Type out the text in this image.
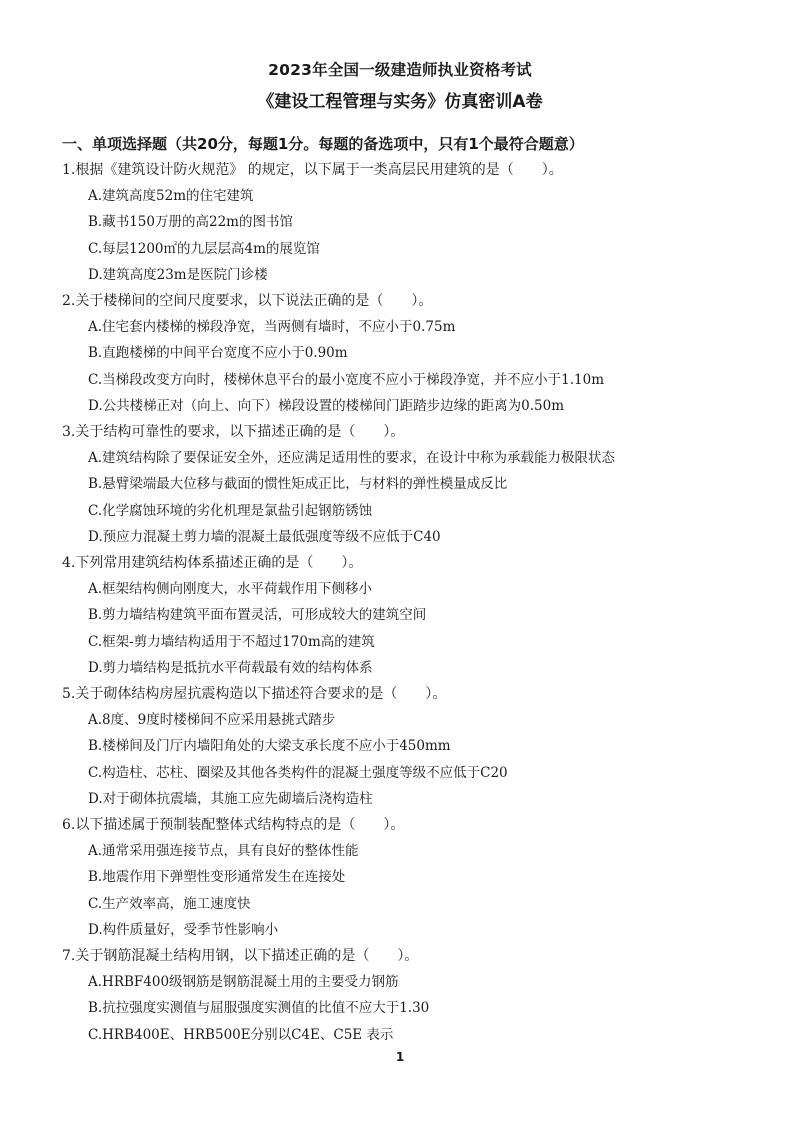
2023年全国一级建造师执业资格考试
《建设工程管理与实务》仿真密训A卷
一、单项选择题（共20分，每题1分。每题的备选项中，只有1个最符合题意）
1.根据《建筑设计防火规范》 的规定，以下属于一类高层民用建筑的是（　　）。
A.建筑高度52m的住宅建筑
B.藏书150万册的高22m的图书馆
C.每层1200㎡的九层层高4m的展览馆
D.建筑高度23m是医院门诊楼
2.关于楼梯间的空间尺度要求，以下说法正确的是（　　）。
A.住宅套内楼梯的梯段净宽，当两侧有墙时，不应小于0.75m
B.直跑楼梯的中间平台宽度不应小于0.90m
C.当梯段改变方向时，楼梯休息平台的最小宽度不应小于梯段净宽，并不应小于1.10m
D.公共楼梯正对（向上、向下）梯段设置的楼梯间门距踏步边缘的距离为0.50m
3.关于结构可靠性的要求，以下描述正确的是（　　）。
A.建筑结构除了要保证安全外，还应满足适用性的要求，在设计中称为承载能力极限状态
B.悬臂梁端最大位移与截面的惯性矩成正比，与材料的弹性模量成反比
C.化学腐蚀环境的劣化机理是氯盐引起钢筋锈蚀
D.预应力混凝土剪力墙的混凝土最低强度等级不应低于C40
4.下列常用建筑结构体系描述正确的是（　　）。
A.框架结构侧向刚度大，水平荷载作用下侧移小
B.剪力墙结构建筑平面布置灵活，可形成较大的建筑空间
C.框架-剪力墙结构适用于不超过170m高的建筑
D.剪力墙结构是抵抗水平荷载最有效的结构体系
5.关于砌体结构房屋抗震构造以下描述符合要求的是（　　）。
A.8度、9度时楼梯间不应采用悬挑式踏步
B.楼梯间及门厅内墙阳角处的大梁支承长度不应小于450mm
C.构造柱、芯柱、圈梁及其他各类构件的混凝土强度等级不应低于C20
D.对于砌体抗震墙，其施工应先砌墙后浇构造柱
6.以下描述属于预制装配整体式结构特点的是（　　）。
A.通常采用强连接节点，具有良好的整体性能
B.地震作用下弹塑性变形通常发生在连接处
C.生产效率高，施工速度快
D.构件质量好，受季节性影响小
7.关于钢筋混凝土结构用钢，以下描述正确的是（　　）。
A.HRBF400级钢筋是钢筋混凝土用的主要受力钢筋
B.抗拉强度实测值与屈服强度实测值的比值不应大于1.30
C.HRB400E、HRB500E分别以C4E、C5E 表示
1
